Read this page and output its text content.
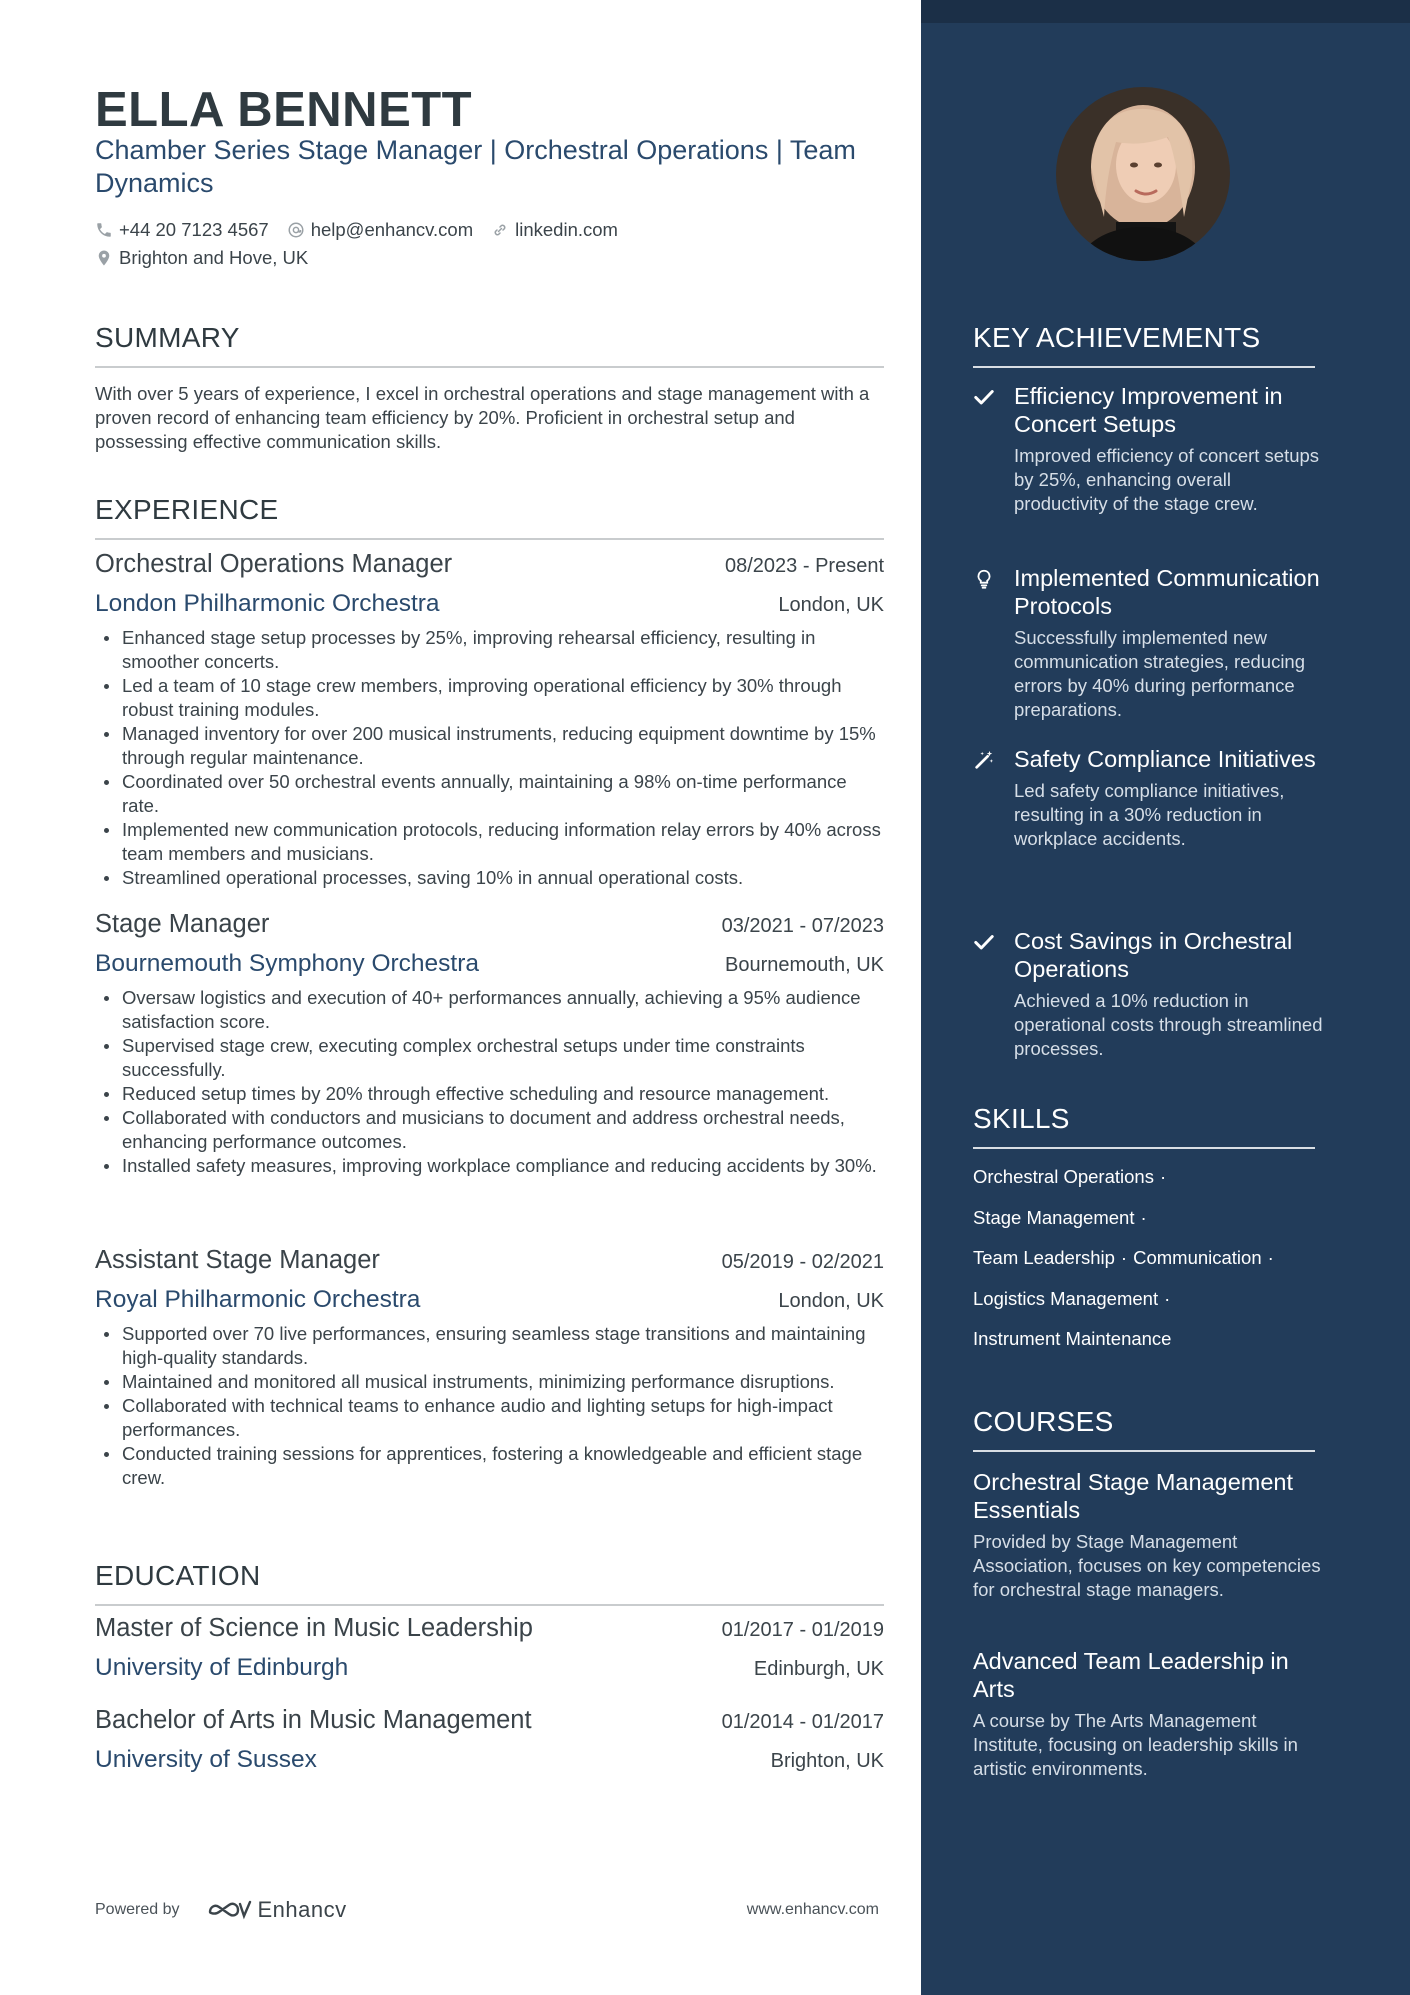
ELLA BENNETT
Chamber Series Stage Manager | Orchestral Operations | Team Dynamics
+44 20 7123 4567 help@enhancv.com linkedin.com
Brighton and Hove, UK
SUMMARY
With over 5 years of experience, I excel in orchestral operations and stage management with a proven record of enhancing team efficiency by 20%. Proficient in orchestral setup and possessing effective communication skills.
EXPERIENCE
Orchestral Operations Manager	08/2023 - Present
London Philharmonic Orchestra	London, UK
Enhanced stage setup processes by 25%, improving rehearsal efficiency, resulting in smoother concerts.
Led a team of 10 stage crew members, improving operational efficiency by 30% through robust training modules.
Managed inventory for over 200 musical instruments, reducing equipment downtime by 15% through regular maintenance.
Coordinated over 50 orchestral events annually, maintaining a 98% on-time performance rate.
Implemented new communication protocols, reducing information relay errors by 40% across team members and musicians.
Streamlined operational processes, saving 10% in annual operational costs.
Stage Manager	03/2021 - 07/2023
Bournemouth Symphony Orchestra	Bournemouth, UK
Oversaw logistics and execution of 40+ performances annually, achieving a 95% audience satisfaction score.
Supervised stage crew, executing complex orchestral setups under time constraints successfully.
Reduced setup times by 20% through effective scheduling and resource management.
Collaborated with conductors and musicians to document and address orchestral needs, enhancing performance outcomes.
Installed safety measures, improving workplace compliance and reducing accidents by 30%.
Assistant Stage Manager	05/2019 - 02/2021
Royal Philharmonic Orchestra	London, UK
Supported over 70 live performances, ensuring seamless stage transitions and maintaining high-quality standards.
Maintained and monitored all musical instruments, minimizing performance disruptions.
Collaborated with technical teams to enhance audio and lighting setups for high-impact performances.
Conducted training sessions for apprentices, fostering a knowledgeable and efficient stage crew.
EDUCATION
Master of Science in Music Leadership	01/2017 - 01/2019
University of Edinburgh	Edinburgh, UK
Bachelor of Arts in Music Management	01/2014 - 01/2017
University of Sussex	Brighton, UK
Powered by	Enhancv	www.enhancv.com
KEY ACHIEVEMENTS
Efficiency Improvement in Concert Setups
Improved efficiency of concert setups by 25%, enhancing overall productivity of the stage crew.
Implemented Communication Protocols
Successfully implemented new communication strategies, reducing errors by 40% during performance preparations.
Safety Compliance Initiatives
Led safety compliance initiatives, resulting in a 30% reduction in workplace accidents.
Cost Savings in Orchestral Operations
Achieved a 10% reduction in operational costs through streamlined processes.
SKILLS
Orchestral Operations ·
Stage Management ·
Team Leadership · Communication ·
Logistics Management ·
Instrument Maintenance
COURSES
Orchestral Stage Management Essentials
Provided by Stage Management Association, focuses on key competencies for orchestral stage managers.
Advanced Team Leadership in Arts
A course by The Arts Management Institute, focusing on leadership skills in artistic environments.
